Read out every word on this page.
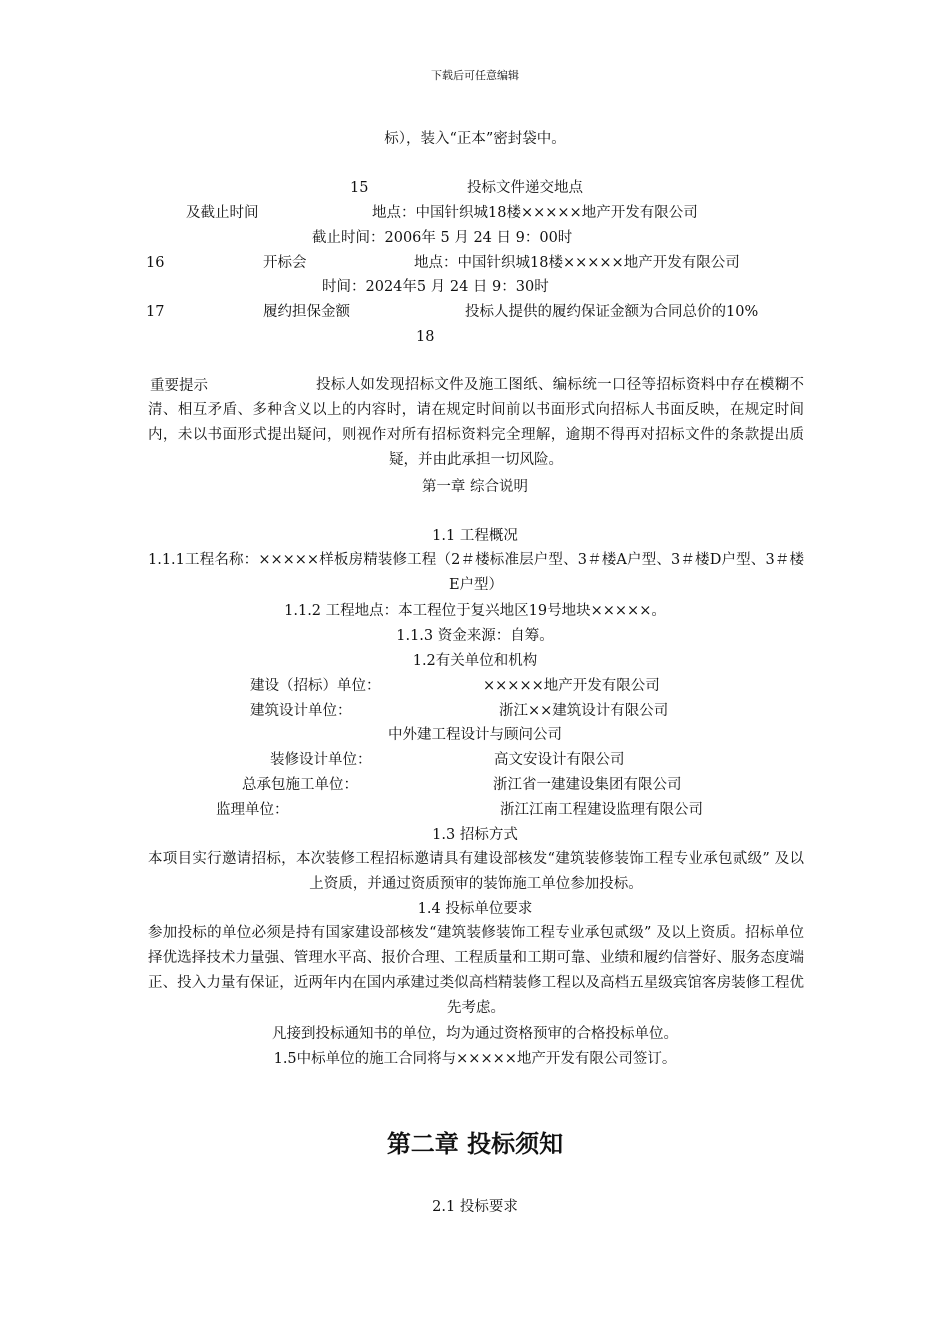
下载后可任意编辑
标），装入“正本”密封袋中。
15	投标文件递交地点
及截止时间	地点：中国针织城18楼×××××地产开发有限公司
截止时间：2006年 5 月 24 日 9：00时
16	开标会	地点：中国针织城18楼×××××地产开发有限公司
时间：2024年5 月 24 日 9：30时
17	履约担保金额	投标人提供的履约保证金额为合同总价的10%
18
重要提示	投标人如发现招标文件及施工图纸、编标统一口径等招标资料中存在模糊不清、相互矛盾、多种含义以上的内容时，请在规定时间前以书面形式向招标人书面反映，在规定时间内，未以书面形式提出疑问，则视作对所有招标资料完全理解，逾期不得再对招标文件的条款提出质疑，并由此承担一切风险。
第一章 综合说明
1.1 工程概况
1.1.1工程名称：×××××样板房精装修工程（2＃楼标准层户型、3＃楼A户型、3＃楼D户型、3＃楼E户型）
1.1.2 工程地点：本工程位于复兴地区19号地块×××××。
1.1.3 资金来源：自筹。
1.2有关单位和机构
建设（招标）单位：	×××××地产开发有限公司
建筑设计单位：	浙江××建筑设计有限公司
中外建工程设计与顾问公司
装修设计单位：	高文安设计有限公司
总承包施工单位：	浙江省一建建设集团有限公司
监理单位：	浙江江南工程建设监理有限公司
1.3 招标方式
本项目实行邀请招标，本次装修工程招标邀请具有建设部核发“建筑装修装饰工程专业承包贰级” 及以上资质，并通过资质预审的装饰施工单位参加投标。
1.4 投标单位要求
参加投标的单位必须是持有国家建设部核发“建筑装修装饰工程专业承包贰级” 及以上资质。招标单位择优选择技术力量强、管理水平高、报价合理、工程质量和工期可靠、业绩和履约信誉好、服务态度端正、投入力量有保证，近两年内在国内承建过类似高档精装修工程以及高档五星级宾馆客房装修工程优先考虑。
凡接到投标通知书的单位，均为通过资格预审的合格投标单位。
1.5中标单位的施工合同将与×××××地产开发有限公司签订。
第二章 投标须知
2.1 投标要求
